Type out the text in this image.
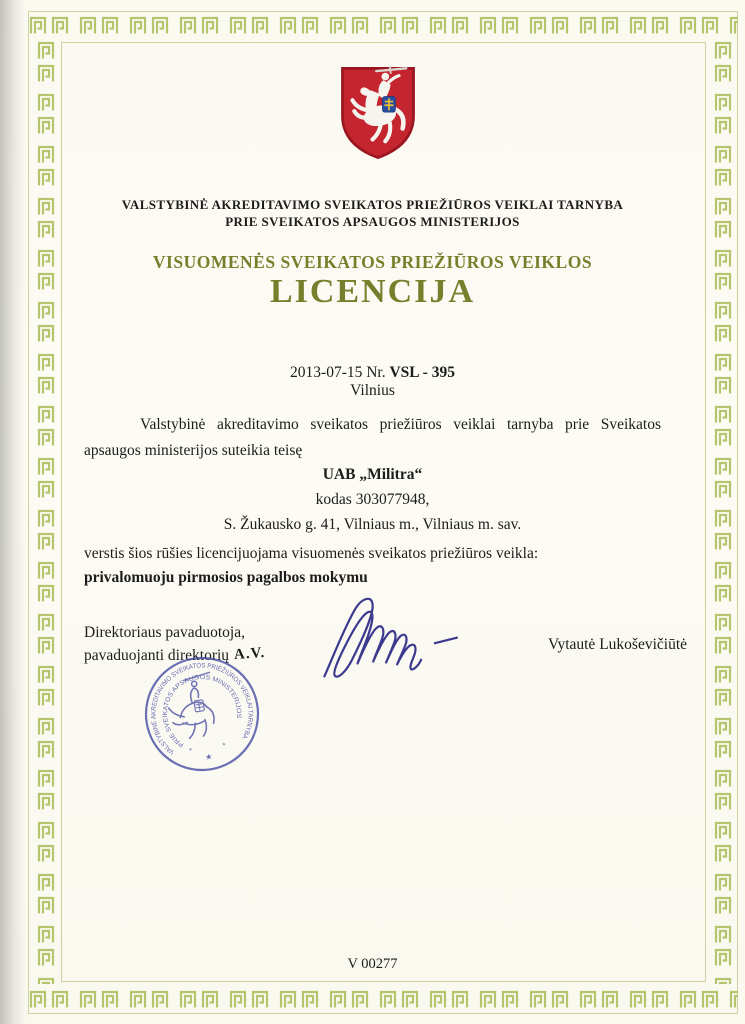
VALSTYBINĖ AKREDITAVIMO SVEIKATOS PRIEŽIŪROS VEIKLAI TARNYBA
PRIE SVEIKATOS APSAUGOS MINISTERIJOS
VISUOMENĖS SVEIKATOS PRIEŽIŪROS VEIKLOS
LICENCIJA
2013-07-15 Nr. VSL - 395
Vilnius

Valstybinė akreditavimo sveikatos priežiūros veiklai tarnyba prie Sveikatos apsaugos ministerijos suteikia teisę

UAB „Militra“
kodas 303077948,
S. Žukausko g. 41, Vilniaus m., Vilniaus m. sav.
verstis šios rūšies licencijuojama visuomenės sveikatos priežiūros veikla:
privalomuoju pirmosios pagalbos mokymu
Direktoriaus pavaduotoja,
pavaduojanti direktorių
Vytautė Lukoševičiūtė
A.V.
VALSTYBINĖ AKREDITAVIMO SVEIKATOS PRIEŽIŪROS VEIKLAI TARNYBA
PRIE SVEIKATOS APSAUGOS MINISTERIJOS
★
✶
✶
V 00277
